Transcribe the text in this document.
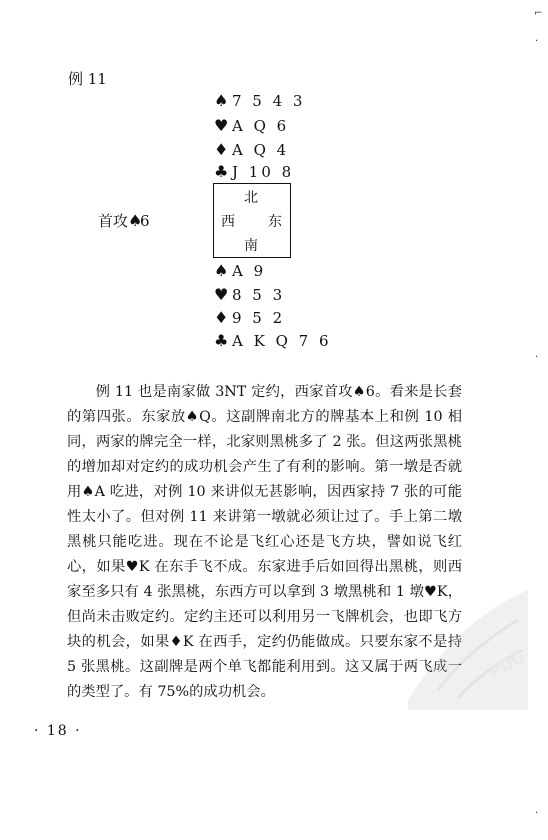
例 11
♠ 7 5 4 3
♥ A Q 6
♦ A Q 4
♣ J 10 8
北
西 东
南
首攻♠6
♠ A 9
♥ 8 5 3
♦ 9 5 2
♣ A K Q 7 6

例 11 也是南家做 3NT 定约，西家首攻♠6。看来是长套的第四张。东家放♠Q。这副牌南北方的牌基本上和例 10 相同，两家的牌完全一样，北家则黑桃多了 2 张。但这两张黑桃的增加却对定约的成功机会产生了有利的影响。第一墩是否就用♠A 吃进，对例 10 来讲似无甚影响，因西家持 7 张的可能性太小了。但对例 11 来讲第一墩就必须让过了。手上第二墩黑桃只能吃进。现在不论是飞红心还是飞方块，譬如说飞红心，如果♥K 在东手飞不成。东家进手后如回得出黑桃，则西家至多只有 4 张黑桃，东西方可以拿到 3 墩黑桃和 1 墩♥K，但尚未击败定约。定约主还可以利用另一飞牌机会，也即飞方块的机会，如果♦K 在西手，定约仍能做成。只要东家不是持 5 张黑桃。这副牌是两个单飞都能利用到。这又属于两飞成一的类型了。有 75%的成功机会。

· 18 ·
⌐
·
·
·
PDG
